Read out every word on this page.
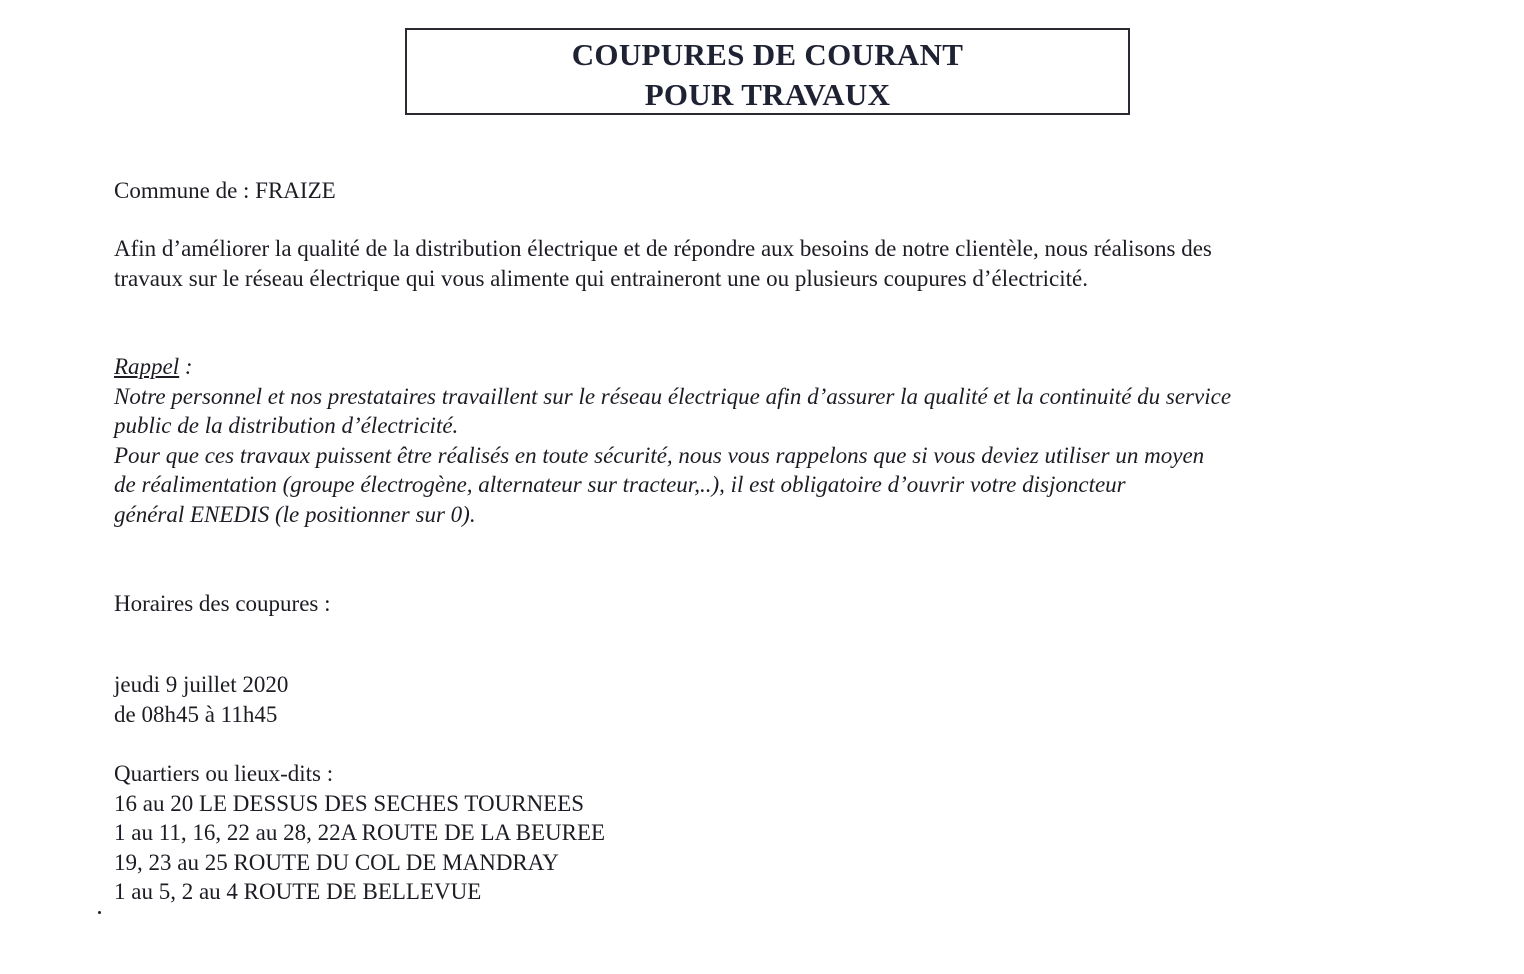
COUPURES DE COURANT
POUR TRAVAUX
Commune de : FRAIZE
Afin d’améliorer la qualité de la distribution électrique et de répondre aux besoins de notre clientèle, nous réalisons des
travaux sur le réseau électrique qui vous alimente qui entraineront une ou plusieurs coupures d’électricité.
Rappel :
Notre personnel et nos prestataires travaillent sur le réseau électrique afin d’assurer la qualité et la continuité du service
public de la distribution d’électricité.
Pour que ces travaux puissent être réalisés en toute sécurité, nous vous rappelons que si vous deviez utiliser un moyen
de réalimentation (groupe électrogène, alternateur sur tracteur,..), il est obligatoire d’ouvrir votre disjoncteur
général ENEDIS (le positionner sur 0).
Horaires des coupures :
jeudi 9 juillet 2020
de 08h45 à 11h45
Quartiers ou lieux-dits :
16 au 20 LE DESSUS DES SECHES TOURNEES
1 au 11, 16, 22 au 28, 22A ROUTE DE LA BEUREE
19, 23 au 25 ROUTE DU COL DE MANDRAY
1 au 5, 2 au 4 ROUTE DE BELLEVUE
